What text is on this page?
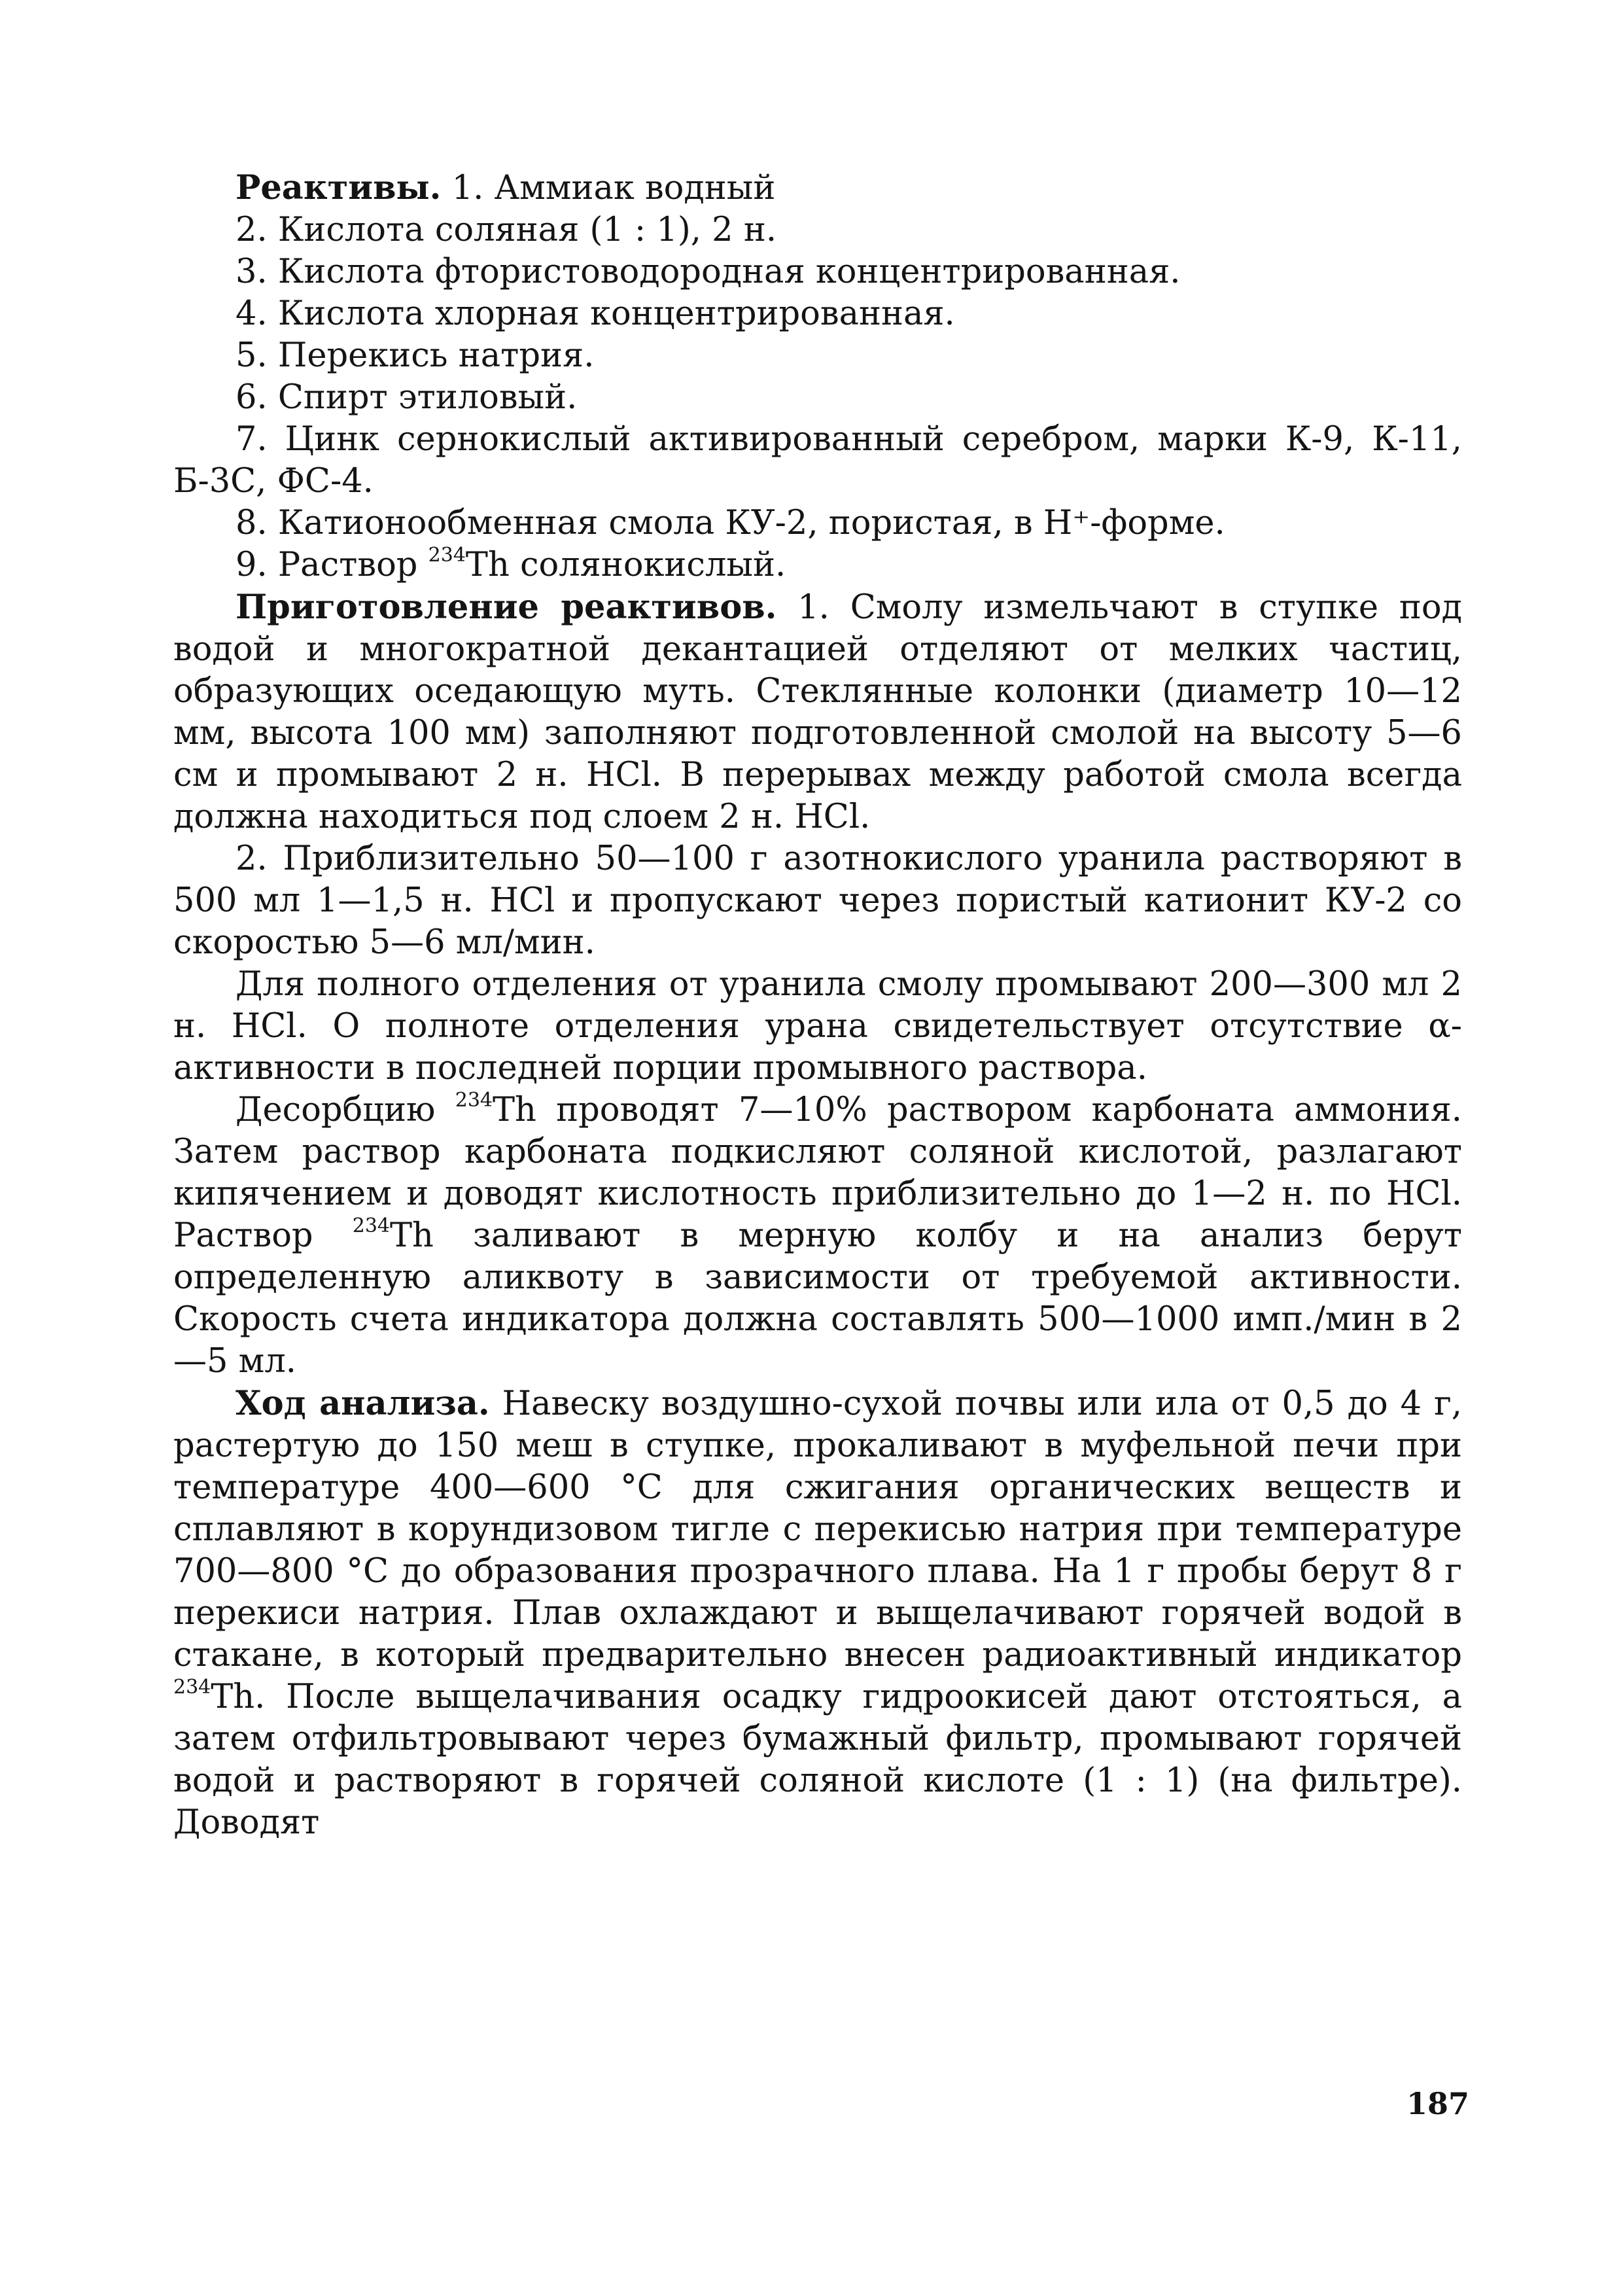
Реактивы. 1. Аммиак водный

2. Кислота соляная (1 : 1), 2 н.

3. Кислота фтористоводородная концентрированная.

4. Кислота хлорная концентрированная.

5. Перекись натрия.

6. Спирт этиловый.

7. Цинк сернокислый активированный серебром, марки К-9, К-11, Б-3С, ФС-4.

8. Катионообменная смола КУ-2, пористая, в H⁺-форме.

9. Раствор $^{234}$Th солянокислый.

Приготовление реактивов. 1. Смолу измельчают в ступке под водой и многократной декантацией отделяют от мелких частиц, образующих оседающую муть. Стеклянные колонки (диаметр 10—12 мм, высота 100 мм) заполняют подготовленной смолой на высоту 5—6 см и промывают 2 н. HCl. В перерывах между работой смола всегда должна находиться под слоем 2 н. HCl.

2. Приблизительно 50—100 г азотнокислого уранила растворяют в 500 мл 1—1,5 н. HCl и пропускают через пористый катионит КУ-2 со скоростью 5—6 мл/мин.

Для полного отделения от уранила смолу промывают 200—300 мл 2 н. HCl. О полноте отделения урана свидетельствует отсутствие α-активности в последней порции промывного раствора.

Десорбцию $^{234}$Th проводят 7—10% раствором карбоната аммония. Затем раствор карбоната подкисляют соляной кислотой, разлагают кипячением и доводят кислотность приблизительно до 1—2 н. по HCl. Раствор $^{234}$Th заливают в мерную колбу и на анализ берут определенную аликвоту в зависимости от требуемой активности. Скорость счета индикатора должна составлять 500—1000 имп./мин в 2—5 мл.

Ход анализа. Навеску воздушно-сухой почвы или ила от 0,5 до 4 г, растертую до 150 меш в ступке, прокаливают в муфельной печи при температуре 400—600 °С для сжигания органических веществ и сплавляют в корундизовом тигле с перекисью натрия при температуре 700—800 °С до образования прозрачного плава. На 1 г пробы берут 8 г перекиси натрия. Плав охлаждают и выщелачивают горячей водой в стакане, в который предварительно внесен радиоактивный индикатор $^{234}$Th. После выщелачивания осадку гидроокисей дают отстояться, а затем отфильтровывают через бумажный фильтр, промывают горячей водой и растворяют в горячей соляной кислоте (1 : 1) (на фильтре). Доводят

187
